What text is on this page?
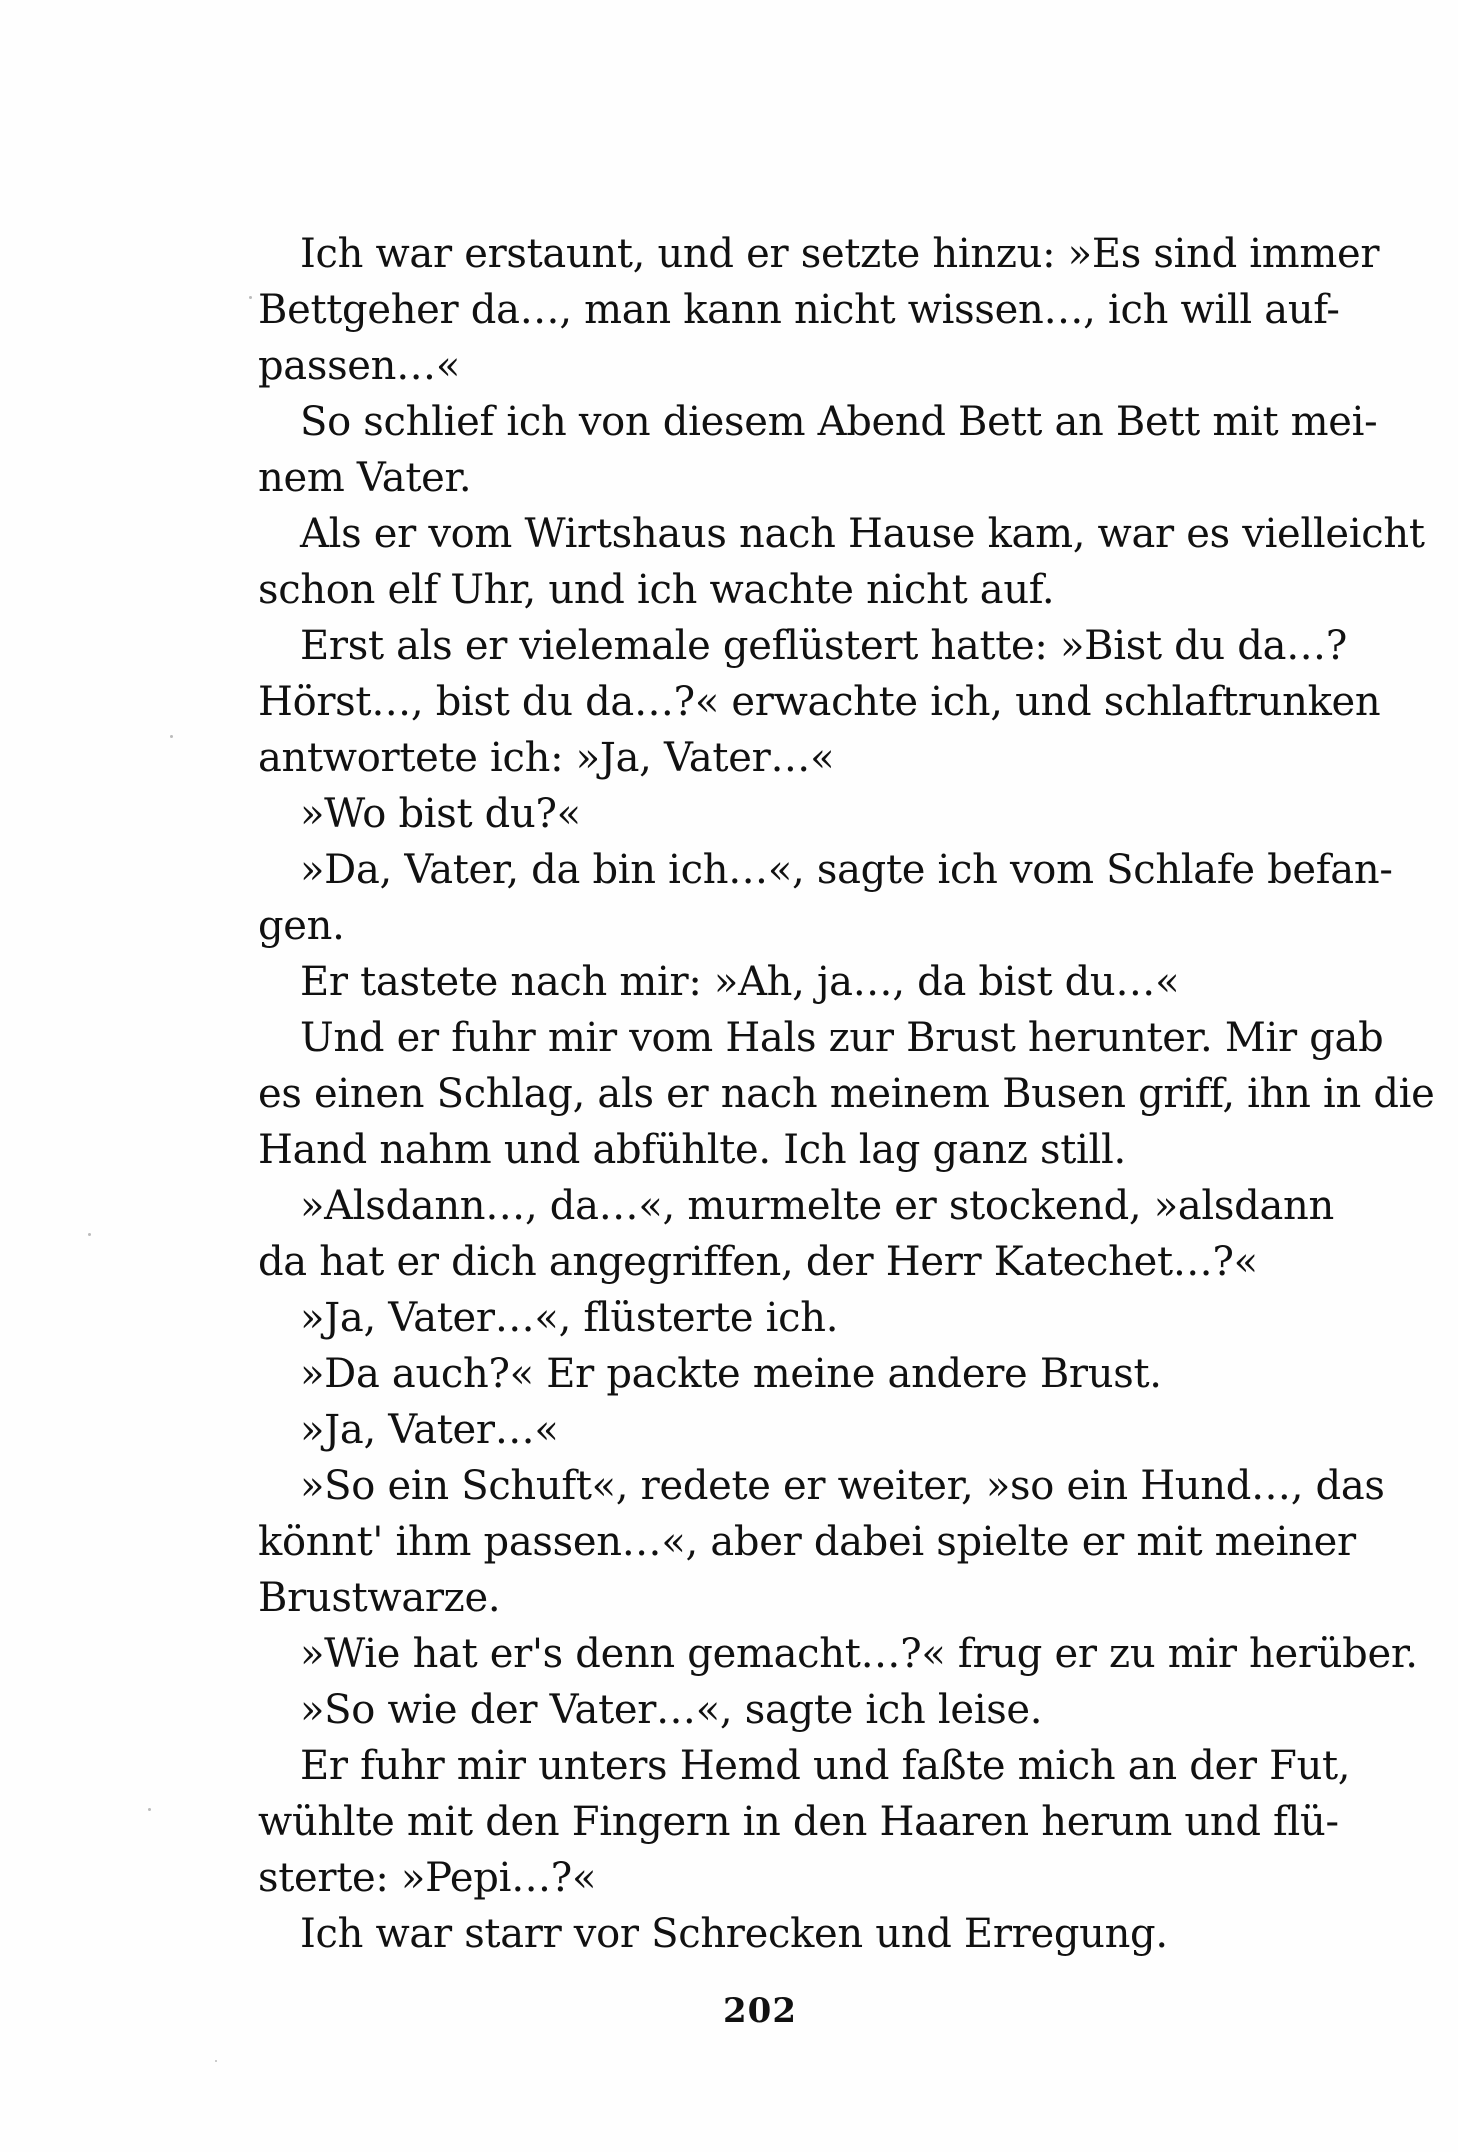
Ich war erstaunt, und er setzte hinzu: »Es sind immer
Bettgeher da…, man kann nicht wissen…, ich will auf-
passen…«
So schlief ich von diesem Abend Bett an Bett mit mei-
nem Vater.
Als er vom Wirtshaus nach Hause kam, war es vielleicht
schon elf Uhr, und ich wachte nicht auf.
Erst als er vielemale geflüstert hatte: »Bist du da…?
Hörst…, bist du da…?« erwachte ich, und schlaftrunken
antwortete ich: »Ja, Vater…«
»Wo bist du?«
»Da, Vater, da bin ich…«, sagte ich vom Schlafe befan-
gen.
Er tastete nach mir: »Ah, ja…, da bist du…«
Und er fuhr mir vom Hals zur Brust herunter. Mir gab
es einen Schlag, als er nach meinem Busen griff, ihn in die
Hand nahm und abfühlte. Ich lag ganz still.
»Alsdann…, da…«, murmelte er stockend, »alsdann
da hat er dich angegriffen, der Herr Katechet…?«
»Ja, Vater…«, flüsterte ich.
»Da auch?« Er packte meine andere Brust.
»Ja, Vater…«
»So ein Schuft«, redete er weiter, »so ein Hund…, das
könnt' ihm passen…«, aber dabei spielte er mit meiner
Brustwarze.
»Wie hat er's denn gemacht…?« frug er zu mir herüber.
»So wie der Vater…«, sagte ich leise.
Er fuhr mir unters Hemd und faßte mich an der Fut,
wühlte mit den Fingern in den Haaren herum und flü-
sterte: »Pepi…?«
Ich war starr vor Schrecken und Erregung.
202
